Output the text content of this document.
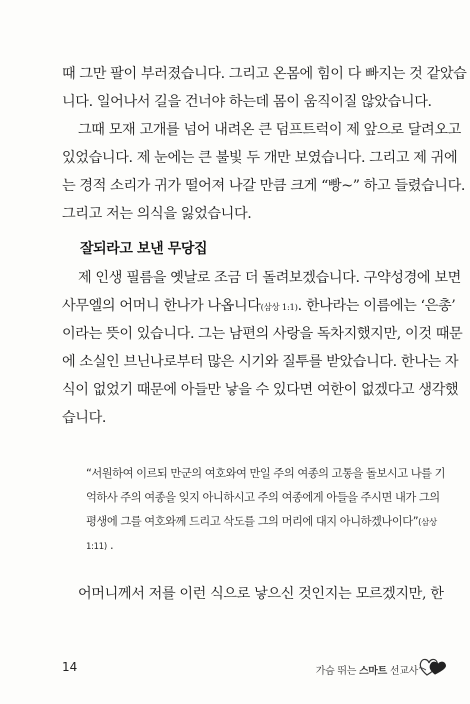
때 그만 팔이 부러졌습니다. 그리고 온몸에 힘이 다 빠지는 것 같았습
니다. 일어나서 길을 건너야 하는데 몸이 움직이질 않았습니다.
그때 모재 고개를 넘어 내려온 큰 덤프트럭이 제 앞으로 달려오고
있었습니다. 제 눈에는 큰 불빛 두 개만 보였습니다. 그리고 제 귀에
는 경적 소리가 귀가 떨어져 나갈 만큼 크게 “빵~” 하고 들렸습니다.
그리고 저는 의식을 잃었습니다.
잘되라고 보낸 무당집
제 인생 필름을 옛날로 조금 더 돌려보겠습니다. 구약성경에 보면
사무엘의 어머니 한나가 나옵니다(삼상 1:1). 한나라는 이름에는 ‘은총’
이라는 뜻이 있습니다. 그는 남편의 사랑을 독차지했지만, 이것 때문
에 소실인 브닌나로부터 많은 시기와 질투를 받았습니다. 한나는 자
식이 없었기 때문에 아들만 낳을 수 있다면 여한이 없겠다고 생각했
습니다.
“서원하여 이르되 만군의 여호와여 만일 주의 여종의 고통을 돌보시고 나를 기
억하사 주의 여종을 잊지 아니하시고 주의 여종에게 아들을 주시면 내가 그의
평생에 그를 여호와께 드리고 삭도를 그의 머리에 대지 아니하겠나이다”(삼상
1:11) .
어머니께서 저를 이런 식으로 낳으신 것인지는 모르겠지만, 한
14	가슴 뛰는 스마트 선교사
